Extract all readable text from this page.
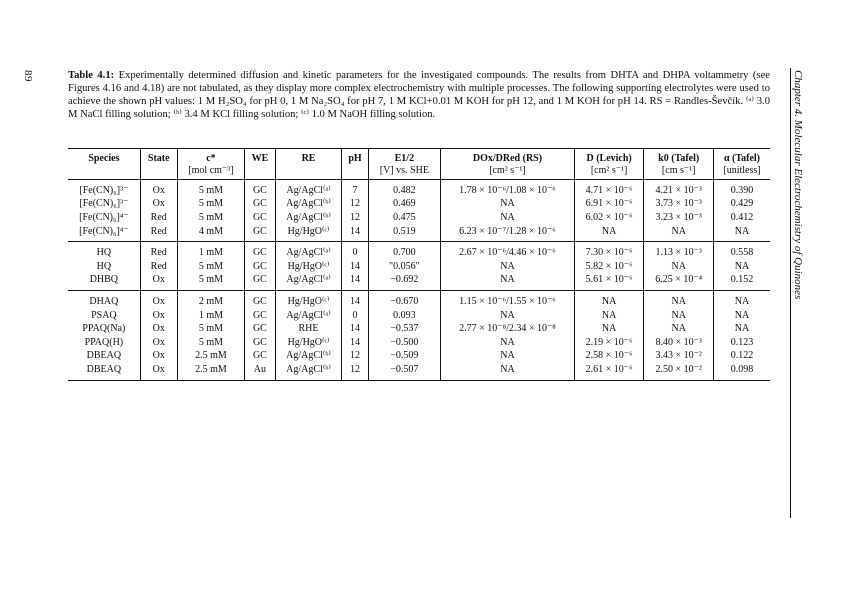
89	Table 4.1: Experimentally determined diffusion and kinetic parameters for the investigated compounds. The results from DHTA and DHPA voltammetry (see Figures 4.16 and 4.18) are not tabulated, as they display more complex electrochemistry with multiple processes. The following supporting electrolytes were used to achieve the shown pH values: 1 M H₂SO₄ for pH 0, 1 M Na₂SO₄ for pH 7, 1 M KCl+0.01 M KOH for pH 12, and 1 M KOH for pH 14. RS = Randles-Ševčík. ⁽ᵃ⁾ 3.0 M NaCl filling solution; ⁽ᵇ⁾ 3.4 M KCl filling solution; ⁽ᶜ⁾ 1.0 M NaOH filling solution.
Species	State	c*	WE	RE	pH	E1/2	DOx/DRed (RS)	D (Levich)	k0 (Tafel)	α (Tafel)
		[mol cm⁻³]				[V] vs. SHE	[cm² s⁻¹]	[cm² s⁻¹]	[cm s⁻¹]	[unitless]
[Fe(CN)₆]³⁻	Ox	5 mM	GC	Ag/AgCl⁽ᵃ⁾	7	0.482	1.78 × 10⁻⁶/1.08 × 10⁻⁶	4.71 × 10⁻⁶	4.21 × 10⁻³	0.390
[Fe(CN)₆]³⁻	Ox	5 mM	GC	Ag/AgCl⁽ᵇ⁾	12	0.469	NA	6.91 × 10⁻⁶	3.73 × 10⁻³	0.429
[Fe(CN)₆]⁴⁻	Red	5 mM	GC	Ag/AgCl⁽ᵇ⁾	12	0.475	NA	6.02 × 10⁻⁶	3.23 × 10⁻³	0.412
[Fe(CN)₆]⁴⁻	Red	4 mM	GC	Hg/HgO⁽ᶜ⁾	14	0.519	6.23 × 10⁻⁷/1.28 × 10⁻⁶	NA	NA	NA
HQ	Red	1 mM	GC	Ag/AgCl⁽ᵃ⁾	0	0.700	2.67 × 10⁻⁶/4.46 × 10⁻⁶	7.30 × 10⁻⁶	1.13 × 10⁻³	0.558
HQ	Red	5 mM	GC	Hg/HgO⁽ᶜ⁾	14	"0.056"	NA	5.82 × 10⁻⁶	NA	NA
DHBQ	Ox	5 mM	GC	Ag/AgCl⁽ᵃ⁾	14	−0.692	NA	5.61 × 10⁻⁶	6.25 × 10⁻⁴	0.152
DHAQ	Ox	2 mM	GC	Hg/HgO⁽ᶜ⁾	14	−0.670	1.15 × 10⁻⁶/1.55 × 10⁻⁶	NA	NA	NA
PSAQ	Ox	1 mM	GC	Ag/AgCl⁽ᵃ⁾	0	0.093	NA	NA	NA	NA
PPAQ(Na)	Ox	5 mM	GC	RHE	14	−0.537	2.77 × 10⁻⁸/2.34 × 10⁻⁸	NA	NA	NA
PPAQ(H)	Ox	5 mM	GC	Hg/HgO⁽ᶜ⁾	14	−0.500	NA	2.19 × 10⁻⁶	8.40 × 10⁻³	0.123
DBEAQ	Ox	2.5 mM	GC	Ag/AgCl⁽ᵇ⁾	12	−0.509	NA	2.58 × 10⁻⁶	3.43 × 10⁻²	0.122
DBEAQ	Ox	2.5 mM	Au	Ag/AgCl⁽ᵇ⁾	12	−0.507	NA	2.61 × 10⁻⁶	2.50 × 10⁻²	0.098
Chapter 4. Molecular Electrochemistry of Quinones
